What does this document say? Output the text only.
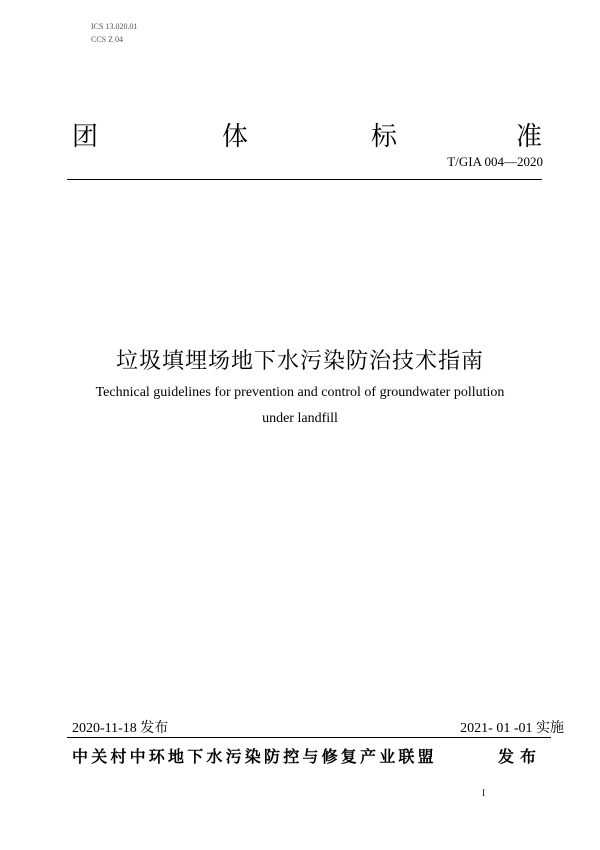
ICS 13.020.01
CCS Z 04
团	体	标	准
T/GIA 004—2020
垃圾填埋场地下水污染防治技术指南
Technical guidelines for prevention and control of groundwater pollution
under landfill
2020-11-18 发布	2021- 01 -01 实施
中关村中环地下水污染防控与修复产业联盟	发布
I
